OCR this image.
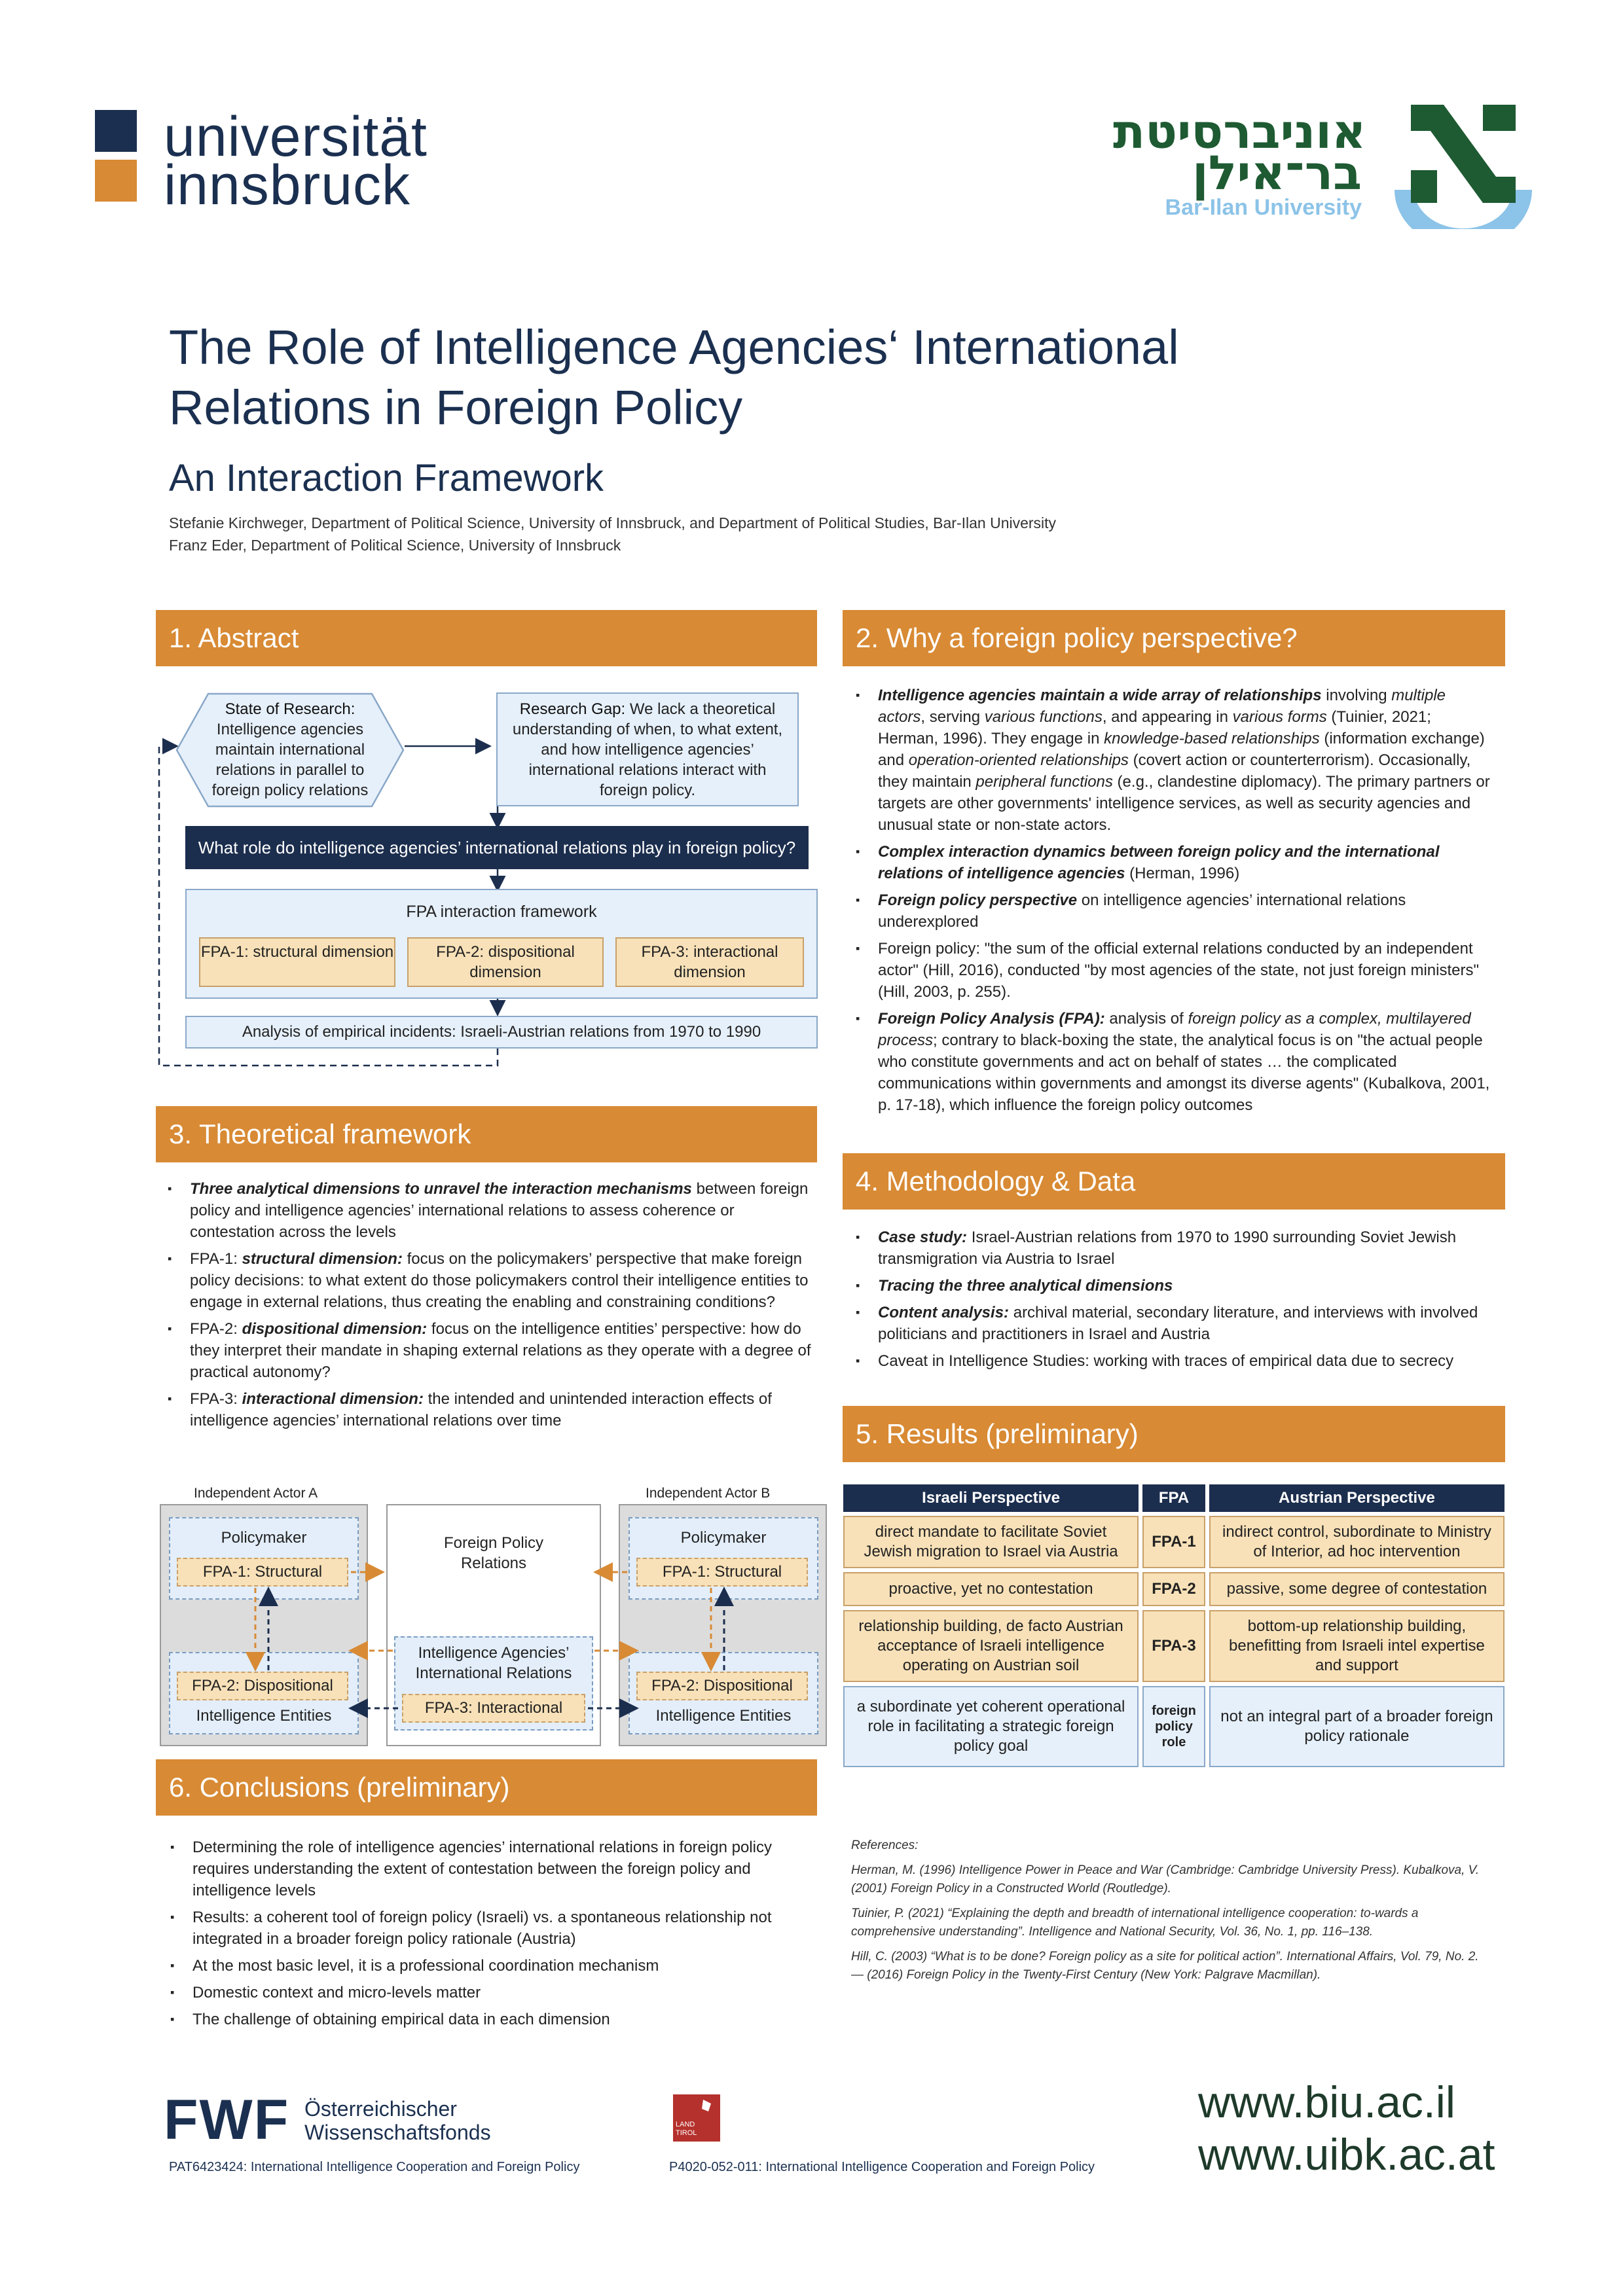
universität
innsbruck
אוניברסיטת
בר־אילן
Bar-Ilan University
The Role of Intelligence Agencies‘ International
Relations in Foreign Policy
An Interaction Framework
Stefanie Kirchweger, Department of Political Science, University of Innsbruck, and Department of Political Studies, Bar-Ilan University
Franz Eder, Department of Political Science, University of Innsbruck
1. Abstract
State of Research:
Intelligence agencies maintain international relations in parallel to foreign policy relations
Research Gap: We lack a theoretical understanding of when, to what extent, and how intelligence agencies’ international relations interact with foreign policy.
What role do intelligence agencies’ international relations play in foreign policy?
FPA interaction framework
FPA-1: structural dimension	FPA-2: dispositional dimension
FPA-3: interactional dimension
Analysis of empirical incidents: Israeli-Austrian relations from 1970 to 1990
2. Why a foreign policy perspective?
▪ Intelligence agencies maintain a wide array of relationships involving multiple actors, serving various functions, and appearing in various forms (Tuinier, 2021; Herman, 1996). They engage in knowledge-based relationships (information exchange) and operation-oriented relationships (covert action or counterterrorism). Occasionally, they maintain peripheral functions (e.g., clandestine diplomacy). The primary partners or targets are other governments' intelligence services, as well as security agencies and unusual state or non-state actors.
▪ Complex interaction dynamics between foreign policy and the international relations of intelligence agencies (Herman, 1996)
▪ Foreign policy perspective on intelligence agencies’ international relations underexplored
▪ Foreign policy: "the sum of the official external relations conducted by an independent actor" (Hill, 2016), conducted "by most agencies of the state, not just foreign ministers" (Hill, 2003, p. 255).
▪ Foreign Policy Analysis (FPA): analysis of foreign policy as a complex, multilayered process; contrary to black-boxing the state, the analytical focus is on "the actual people who constitute governments and act on behalf of states … the complicated communications within governments and amongst its diverse agents" (Kubalkova, 2001, p. 17-18), which influence the foreign policy outcomes
3. Theoretical framework
▪ Three analytical dimensions to unravel the interaction mechanisms between foreign policy and intelligence agencies’ international relations to assess coherence or contestation across the levels
▪ FPA-1: structural dimension: focus on the policymakers’ perspective that make foreign policy decisions: to what extent do those policymakers control their intelligence entities to engage in external relations, thus creating the enabling and constraining conditions?
▪ FPA-2: dispositional dimension: focus on the intelligence entities’ perspective: how do they interpret their mandate in shaping external relations as they operate with a degree of practical autonomy?
▪ FPA-3: interactional dimension: the intended and unintended interaction effects of intelligence agencies’ international relations over time
Independent Actor A	Independent Actor B
Foreign Policy Relations
Policymaker
FPA-1: Structural
FPA-2: Dispositional
Intelligence Entities
Policymaker
FPA-1: Structural
FPA-2: Dispositional
Intelligence Entities
Intelligence Agencies’ International Relations
FPA-3: Interactional
4. Methodology & Data
▪ Case study: Israel-Austrian relations from 1970 to 1990 surrounding Soviet Jewish transmigration via Austria to Israel
▪ Tracing the three analytical dimensions
▪ Content analysis: archival material, secondary literature, and interviews with involved politicians and practitioners in Israel and Austria
▪ Caveat in Intelligence Studies: working with traces of empirical data due to secrecy
5. Results (preliminary)
Israeli Perspective	FPA	Austrian Perspective
direct mandate to facilitate Soviet Jewish migration to Israel via Austria	FPA-1	indirect control, subordinate to Ministry of Interior, ad hoc intervention
proactive, yet no contestation	FPA-2	passive, some degree of contestation
relationship building, de facto Austrian acceptance of Israeli intelligence operating on Austrian soil	FPA-3	bottom-up relationship building, benefitting from Israeli intel expertise and support
a subordinate yet coherent operational role in facilitating a strategic foreign policy goal	foreign policy role	not an integral part of a broader foreign policy rationale
6. Conclusions (preliminary)
▪ Determining the role of intelligence agencies’ international relations in foreign policy requires understanding the extent of contestation between the foreign policy and intelligence levels
▪ Results: a coherent tool of foreign policy (Israeli) vs. a spontaneous relationship not integrated in a broader foreign policy rationale (Austria)
▪ At the most basic level, it is a professional coordination mechanism
▪ Domestic context and micro-levels matter
▪ The challenge of obtaining empirical data in each dimension
References:
Herman, M. (1996) Intelligence Power in Peace and War (Cambridge: Cambridge University Press). Kubalkova, V. (2001) Foreign Policy in a Constructed World (Routledge).
Tuinier, P. (2021) “Explaining the depth and breadth of international intelligence cooperation: to-wards a comprehensive understanding”. Intelligence and National Security, Vol. 36, No. 1, pp. 116–138.
Hill, C. (2003) “What is to be done? Foreign policy as a site for political action”. International Affairs, Vol. 79, No. 2.
— (2016) Foreign Policy in the Twenty-First Century (New York: Palgrave Macmillan).
FWF Österreichischer
Wissenschaftsfonds
PAT6423424: International Intelligence Cooperation and Foreign Policy
LAND
TIROL
P4020-052-011: International Intelligence Cooperation and Foreign Policy
www.biu.ac.il
www.uibk.ac.at
